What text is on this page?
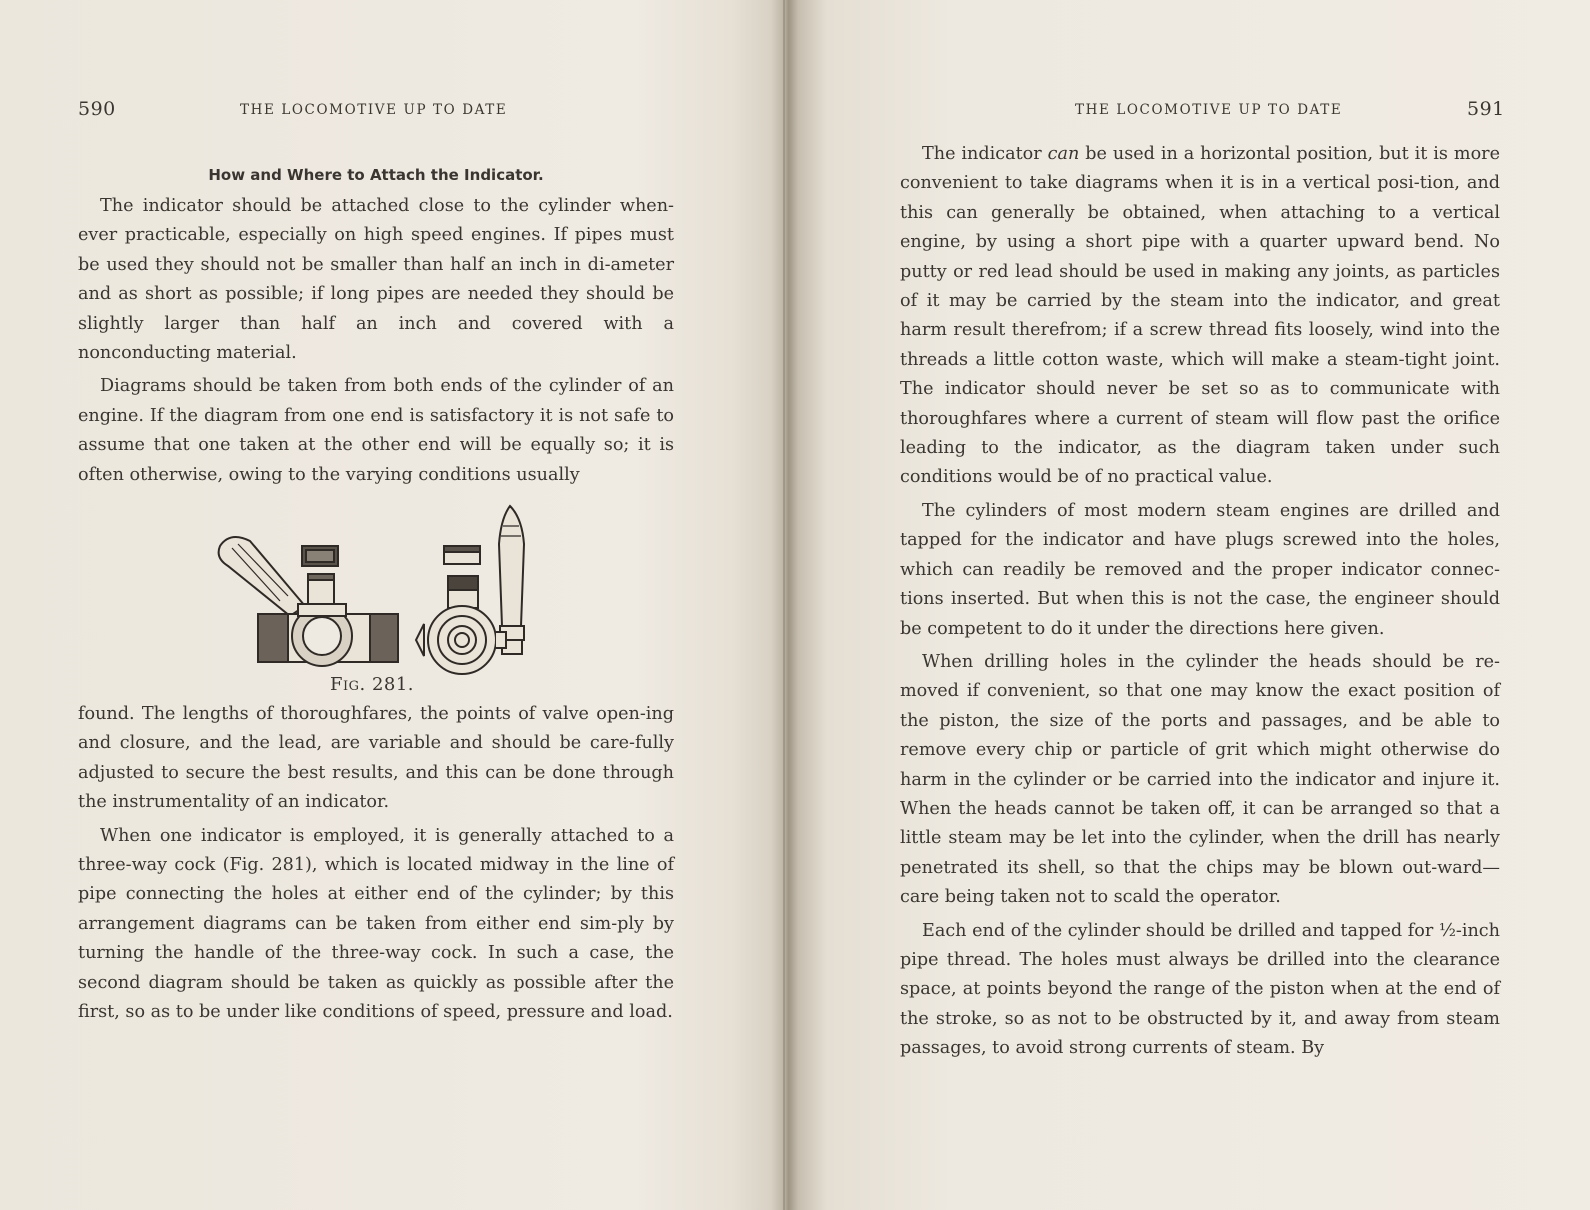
590	THE LOCOMOTIVE UP TO DATE
How and Where to Attach the Indicator.

The indicator should be attached close to the cylinder when-ever practicable, especially on high speed engines. If pipes must be used they should not be smaller than half an inch in di-ameter and as short as possible; if long pipes are needed they should be slightly larger than half an inch and covered with a nonconducting material.

Diagrams should be taken from both ends of the cylinder of an engine. If the diagram from one end is satisfactory it is not safe to assume that one taken at the other end will be equally so; it is often otherwise, owing to the varying conditions usually

Fig. 281.

found. The lengths of thoroughfares, the points of valve open-ing and closure, and the lead, are variable and should be care-fully adjusted to secure the best results, and this can be done through the instrumentality of an indicator.

When one indicator is employed, it is generally attached to a three-way cock (Fig. 281), which is located midway in the line of pipe connecting the holes at either end of the cylinder; by this arrangement diagrams can be taken from either end sim-ply by turning the handle of the three-way cock. In such a case, the second diagram should be taken as quickly as possible after the first, so as to be under like conditions of speed, pressure and load.

THE LOCOMOTIVE UP TO DATE	591

The indicator can be used in a horizontal position, but it is more convenient to take diagrams when it is in a vertical posi-tion, and this can generally be obtained, when attaching to a vertical engine, by using a short pipe with a quarter upward bend. No putty or red lead should be used in making any joints, as particles of it may be carried by the steam into the indicator, and great harm result therefrom; if a screw thread fits loosely, wind into the threads a little cotton waste, which will make a steam-tight joint. The indicator should never be set so as to communicate with thoroughfares where a current of steam will flow past the orifice leading to the indicator, as the diagram taken under such conditions would be of no practical value.

The cylinders of most modern steam engines are drilled and tapped for the indicator and have plugs screwed into the holes, which can readily be removed and the proper indicator connec-tions inserted. But when this is not the case, the engineer should be competent to do it under the directions here given.

When drilling holes in the cylinder the heads should be re-moved if convenient, so that one may know the exact position of the piston, the size of the ports and passages, and be able to remove every chip or particle of grit which might otherwise do harm in the cylinder or be carried into the indicator and injure it. When the heads cannot be taken off, it can be arranged so that a little steam may be let into the cylinder, when the drill has nearly penetrated its shell, so that the chips may be blown out-ward—care being taken not to scald the operator.

Each end of the cylinder should be drilled and tapped for ½-inch pipe thread. The holes must always be drilled into the clearance space, at points beyond the range of the piston when at the end of the stroke, so as not to be obstructed by it, and away from steam passages, to avoid strong currents of steam. By
